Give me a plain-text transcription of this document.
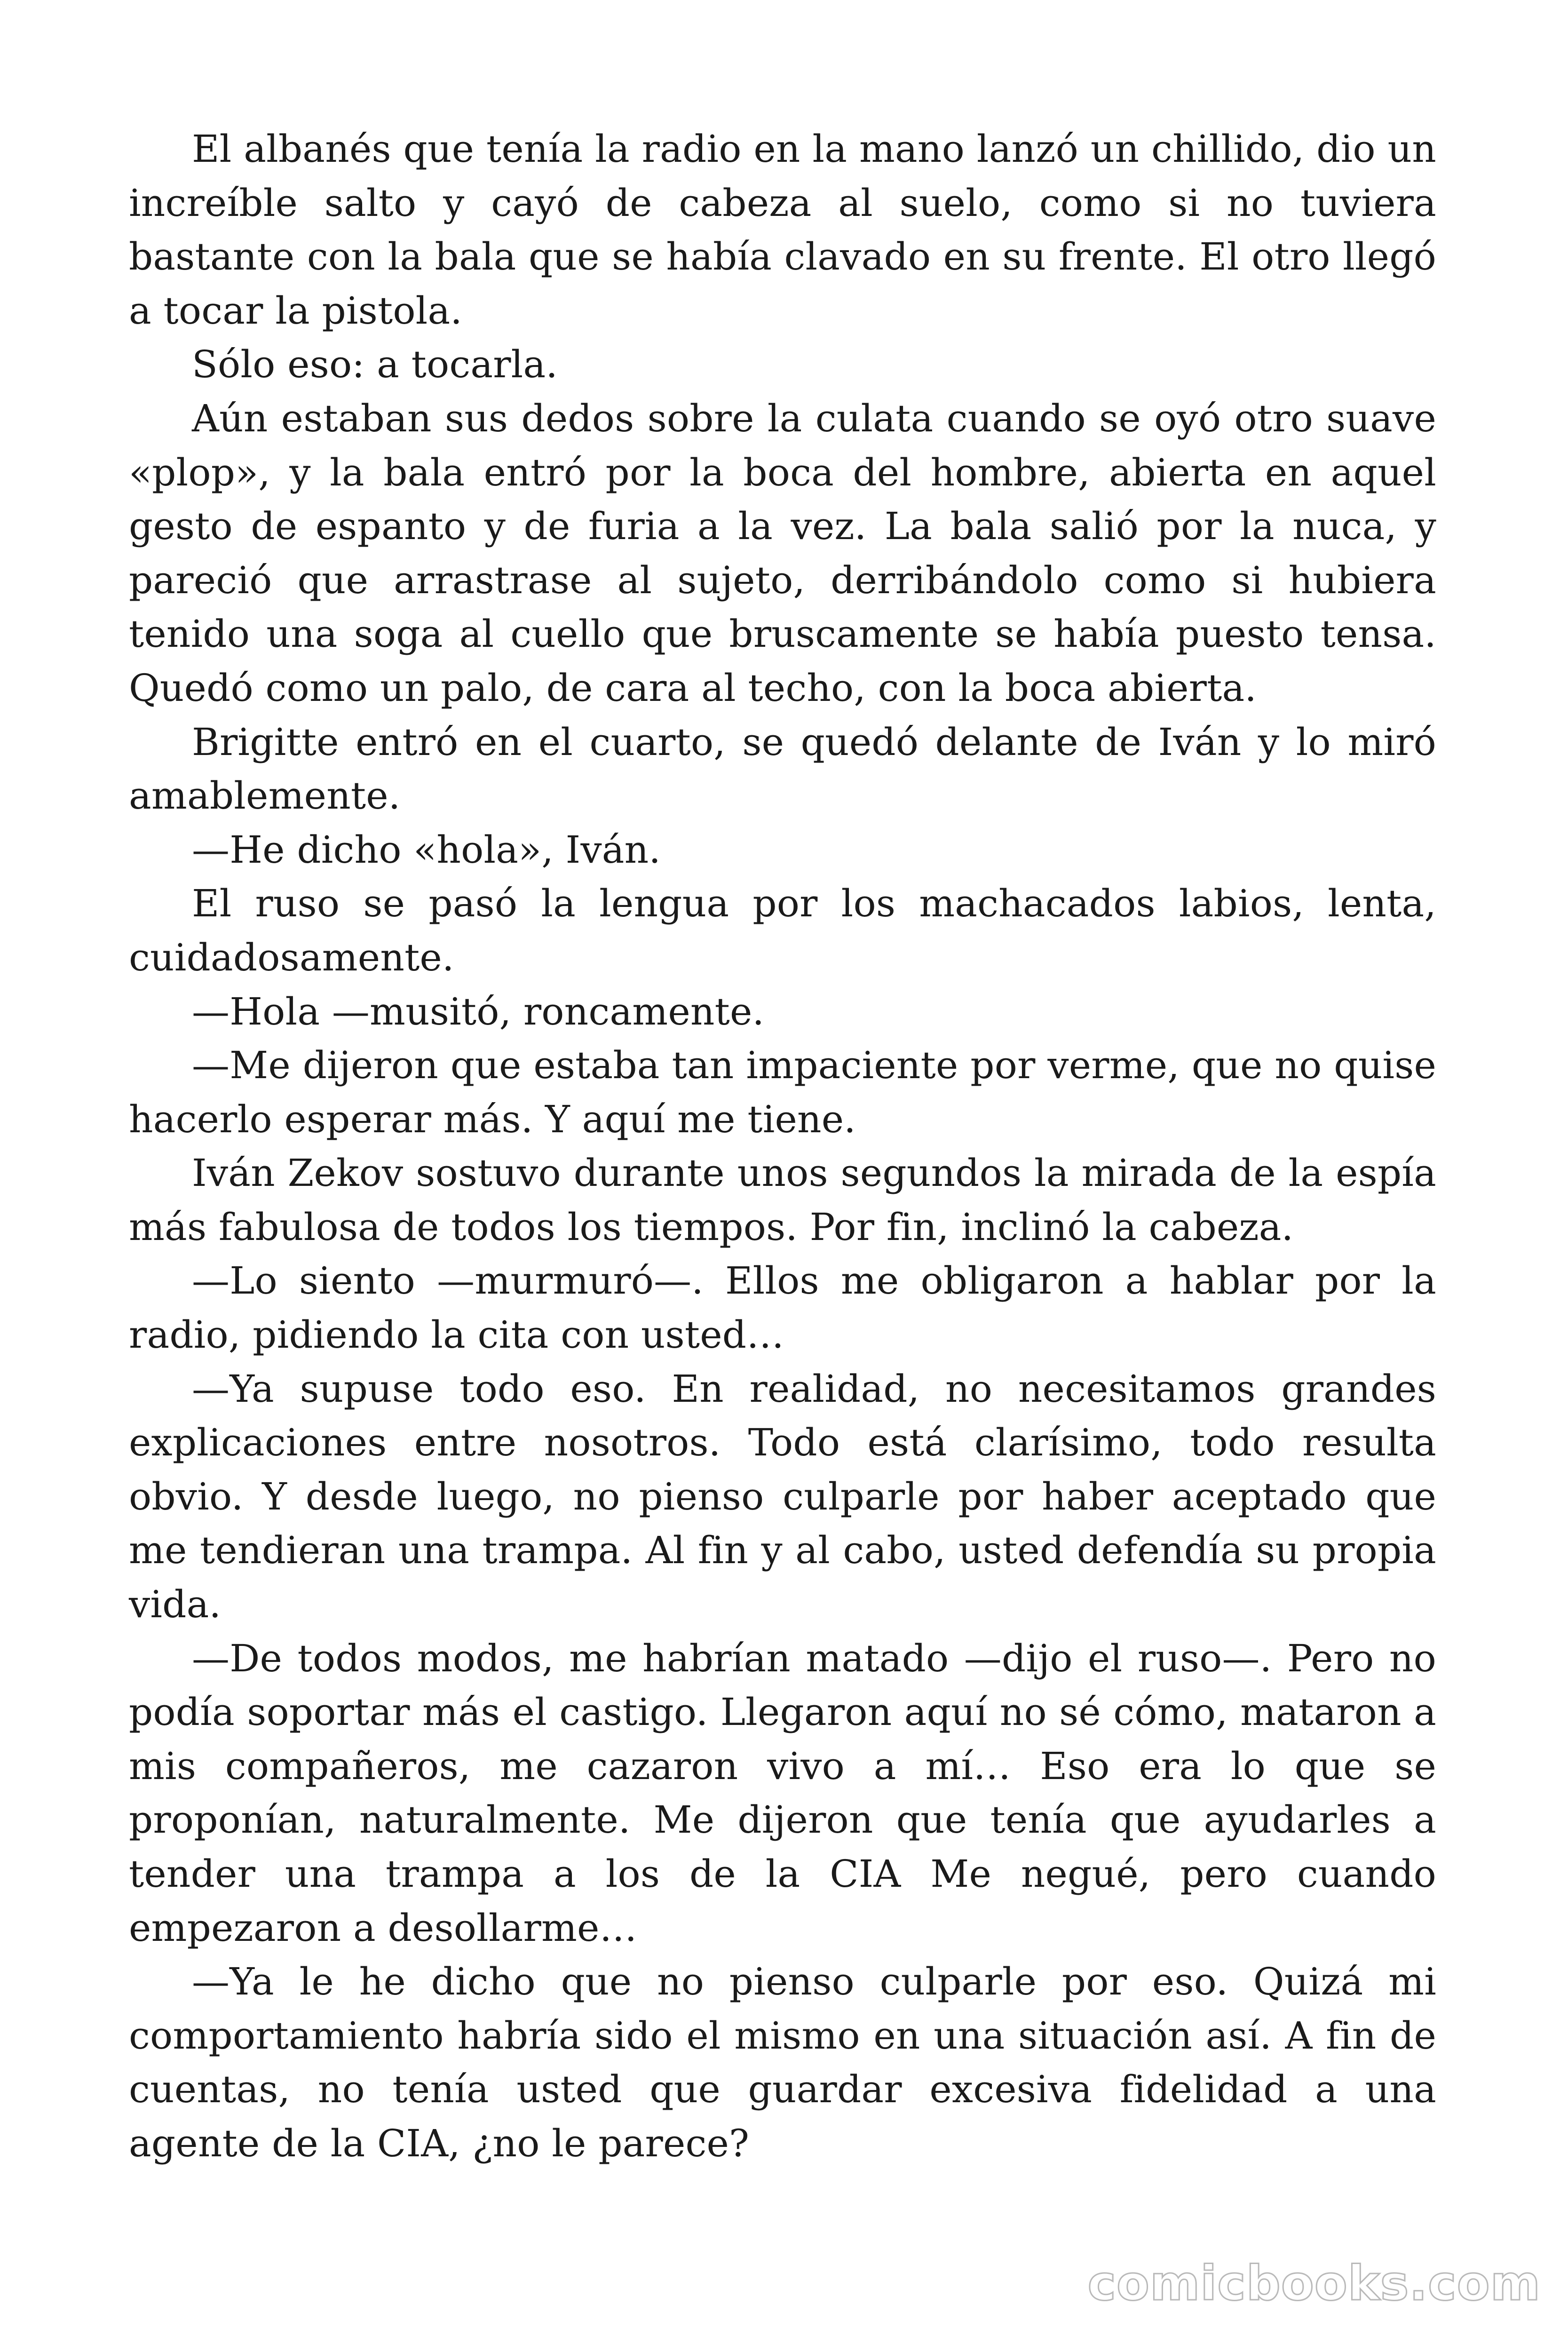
El albanés que tenía la radio en la mano lanzó un chillido, dio un increíble salto y cayó de cabeza al suelo, como si no tuviera bastante con la bala que se había clavado en su frente. El otro llegó a tocar la pistola.

Sólo eso: a tocarla.

Aún estaban sus dedos sobre la culata cuando se oyó otro suave «plop», y la bala entró por la boca del hombre, abierta en aquel gesto de espanto y de furia a la vez. La bala salió por la nuca, y pareció que arrastrase al sujeto, derribándolo como si hubiera tenido una soga al cuello que bruscamente se había puesto tensa. Quedó como un palo, de cara al techo, con la boca abierta.

Brigitte entró en el cuarto, se quedó delante de Iván y lo miró amablemente.

—He dicho «hola», Iván.

El ruso se pasó la lengua por los machacados labios, lenta, cuidadosamente.

—Hola —musitó, roncamente.

—Me dijeron que estaba tan impaciente por verme, que no quise hacerlo esperar más. Y aquí me tiene.

Iván Zekov sostuvo durante unos segundos la mirada de la espía más fabulosa de todos los tiempos. Por fin, inclinó la cabeza.

—Lo siento —murmuró—. Ellos me obligaron a hablar por la radio, pidiendo la cita con usted…

—Ya supuse todo eso. En realidad, no necesitamos grandes explicaciones entre nosotros. Todo está clarísimo, todo resulta obvio. Y desde luego, no pienso culparle por haber aceptado que me tendieran una trampa. Al fin y al cabo, usted defendía su propia vida.

—De todos modos, me habrían matado —dijo el ruso—. Pero no podía soportar más el castigo. Llegaron aquí no sé cómo, mataron a mis compañeros, me cazaron vivo a mí… Eso era lo que se proponían, naturalmente. Me dijeron que tenía que ayudarles a tender una trampa a los de la CIA Me negué, pero cuando empezaron a desollarme…

—Ya le he dicho que no pienso culparle por eso. Quizá mi comportamiento habría sido el mismo en una situación así. A fin de cuentas, no tenía usted que guardar excesiva fidelidad a una agente de la CIA, ¿no le parece?

comicbooks.com
